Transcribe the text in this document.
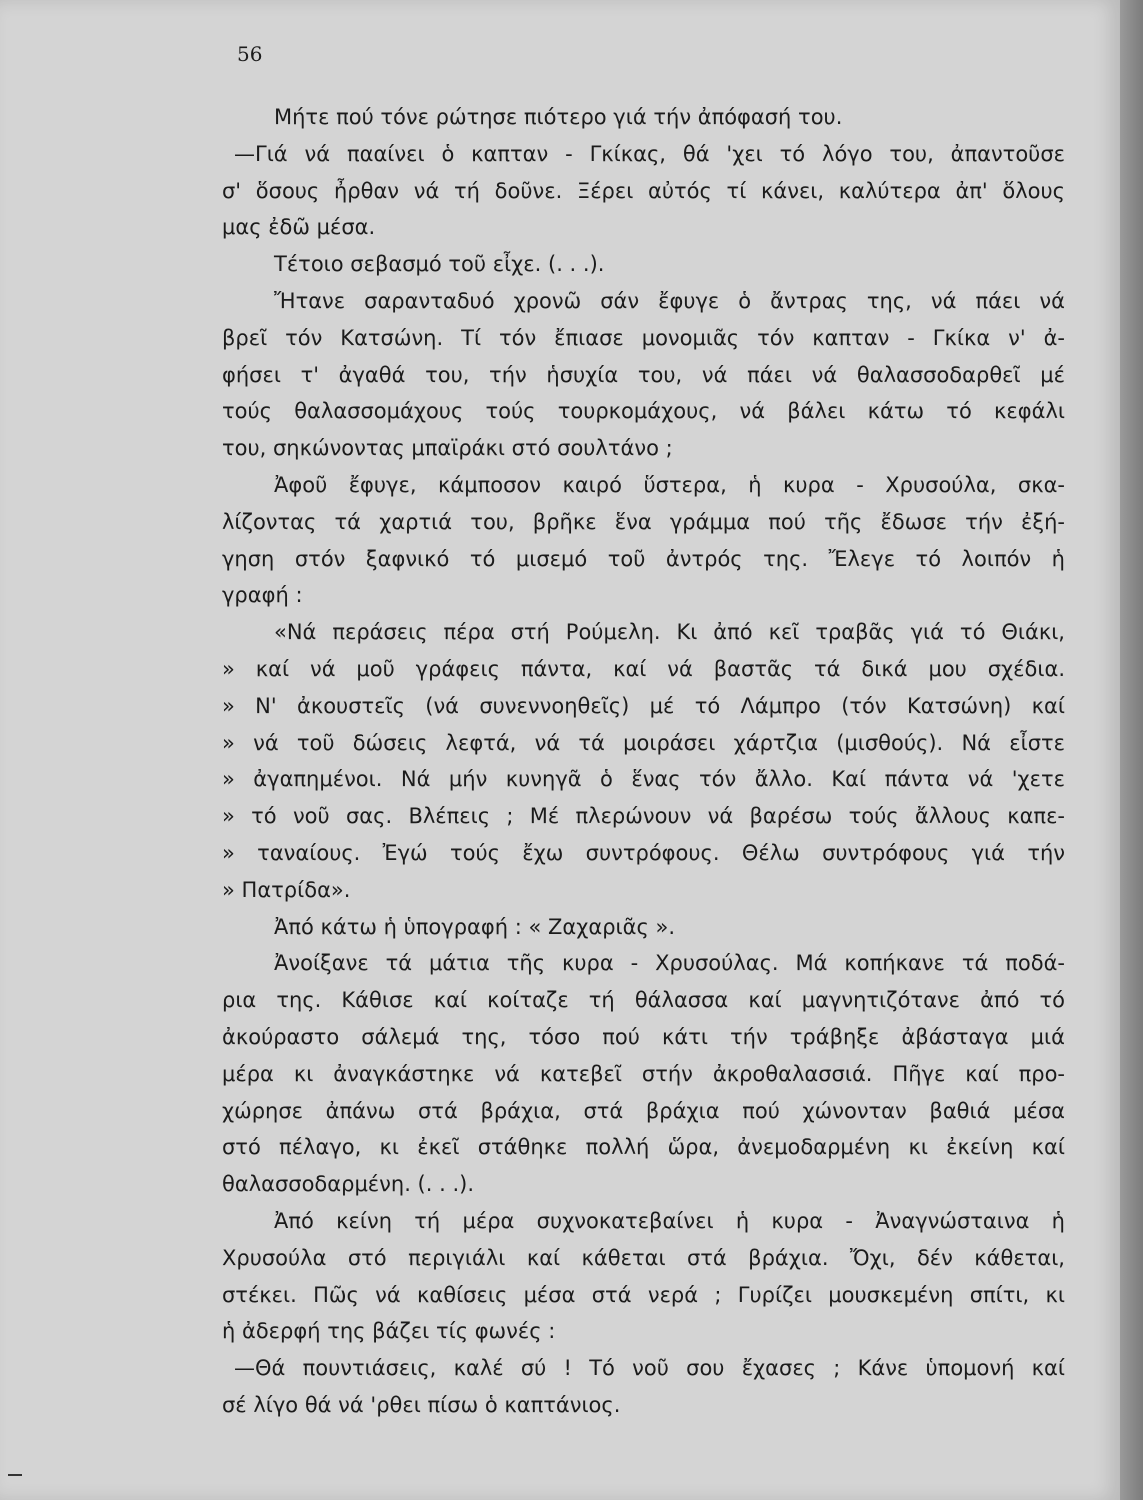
56
Μήτε πού τόνε ρώτησε πιότερο γιά τήν ἀπόφασή του.
—Γιά νά πααίνει ὁ καπταν - Γκίκας, θά 'χει τό λόγο του, ἀπαντοῦσε
σ' ὅσους ἦρθαν νά τή δοῦνε. Ξέρει αὐτός τί κάνει, καλύτερα ἀπ' ὅλους
μας ἐδῶ μέσα.
Τέτοιο σεβασμό τοῦ εἶχε. (. . .).
Ἤτανε σαρανταδυό χρονῶ σάν ἔφυγε ὁ ἄντρας της, νά πάει νά
βρεῖ τόν Κατσώνη. Τί τόν ἔπιασε μονομιᾶς τόν καπταν - Γκίκα ν' ἀ-
φήσει τ' ἀγαθά του, τήν ἡσυχία του, νά πάει νά θαλασσοδαρθεῖ μέ
τούς θαλασσομάχους τούς τουρκομάχους, νά βάλει κάτω τό κεφάλι
του, σηκώνοντας μπαϊράκι στό σουλτάνο ;
Ἀφοῦ ἔφυγε, κάμποσον καιρό ὕστερα, ἡ κυρα - Χρυσούλα, σκα-
λίζοντας τά χαρτιά του, βρῆκε ἕνα γράμμα πού τῆς ἔδωσε τήν ἐξή-
γηση στόν ξαφνικό τό μισεμό τοῦ ἀντρός της. Ἔλεγε τό λοιπόν ἡ
γραφή :
«Νά περάσεις πέρα στή Ρούμελη. Κι ἀπό κεῖ τραβᾶς γιά τό Θιάκι,
» καί νά μοῦ γράφεις πάντα, καί νά βαστᾶς τά δικά μου σχέδια.
» Ν' ἀκουστεῖς (νά συνεννοηθεῖς) μέ τό Λάμπρο (τόν Κατσώνη) καί
» νά τοῦ δώσεις λεφτά, νά τά μοιράσει χάρτζια (μισθούς). Νά εἶστε
» ἀγαπημένοι. Νά μήν κυνηγᾶ ὁ ἕνας τόν ἄλλο. Καί πάντα νά 'χετε
» τό νοῦ σας. Βλέπεις ; Μέ πλερώνουν νά βαρέσω τούς ἄλλους καπε-
» ταναίους. Ἐγώ τούς ἔχω συντρόφους. Θέλω συντρόφους γιά τήν
» Πατρίδα».
Ἀπό κάτω ἡ ὑπογραφή : « Ζαχαριᾶς ».
Ἀνοίξανε τά μάτια τῆς κυρα - Χρυσούλας. Μά κοπήκανε τά ποδά-
ρια της. Κάθισε καί κοίταζε τή θάλασσα καί μαγνητιζότανε ἀπό τό
ἀκούραστο σάλεμά της, τόσο πού κάτι τήν τράβηξε ἀβάσταγα μιά
μέρα κι ἀναγκάστηκε νά κατεβεῖ στήν ἀκροθαλασσιά. Πῆγε καί προ-
χώρησε ἀπάνω στά βράχια, στά βράχια πού χώνονταν βαθιά μέσα
στό πέλαγο, κι ἐκεῖ στάθηκε πολλή ὥρα, ἀνεμοδαρμένη κι ἐκείνη καί
θαλασσοδαρμένη. (. . .).
Ἀπό κείνη τή μέρα συχνοκατεβαίνει ἡ κυρα - Ἀναγνώσταινα ἡ
Χρυσούλα στό περιγιάλι καί κάθεται στά βράχια. Ὄχι, δέν κάθεται,
στέκει. Πῶς νά καθίσεις μέσα στά νερά ; Γυρίζει μουσκεμένη σπίτι, κι
ἡ ἀδερφή της βάζει τίς φωνές :
—Θά πουντιάσεις, καλέ σύ ! Τό νοῦ σου ἔχασες ; Κάνε ὑπομονή καί
σέ λίγο θά νά 'ρθει πίσω ὁ καπτάνιος.
